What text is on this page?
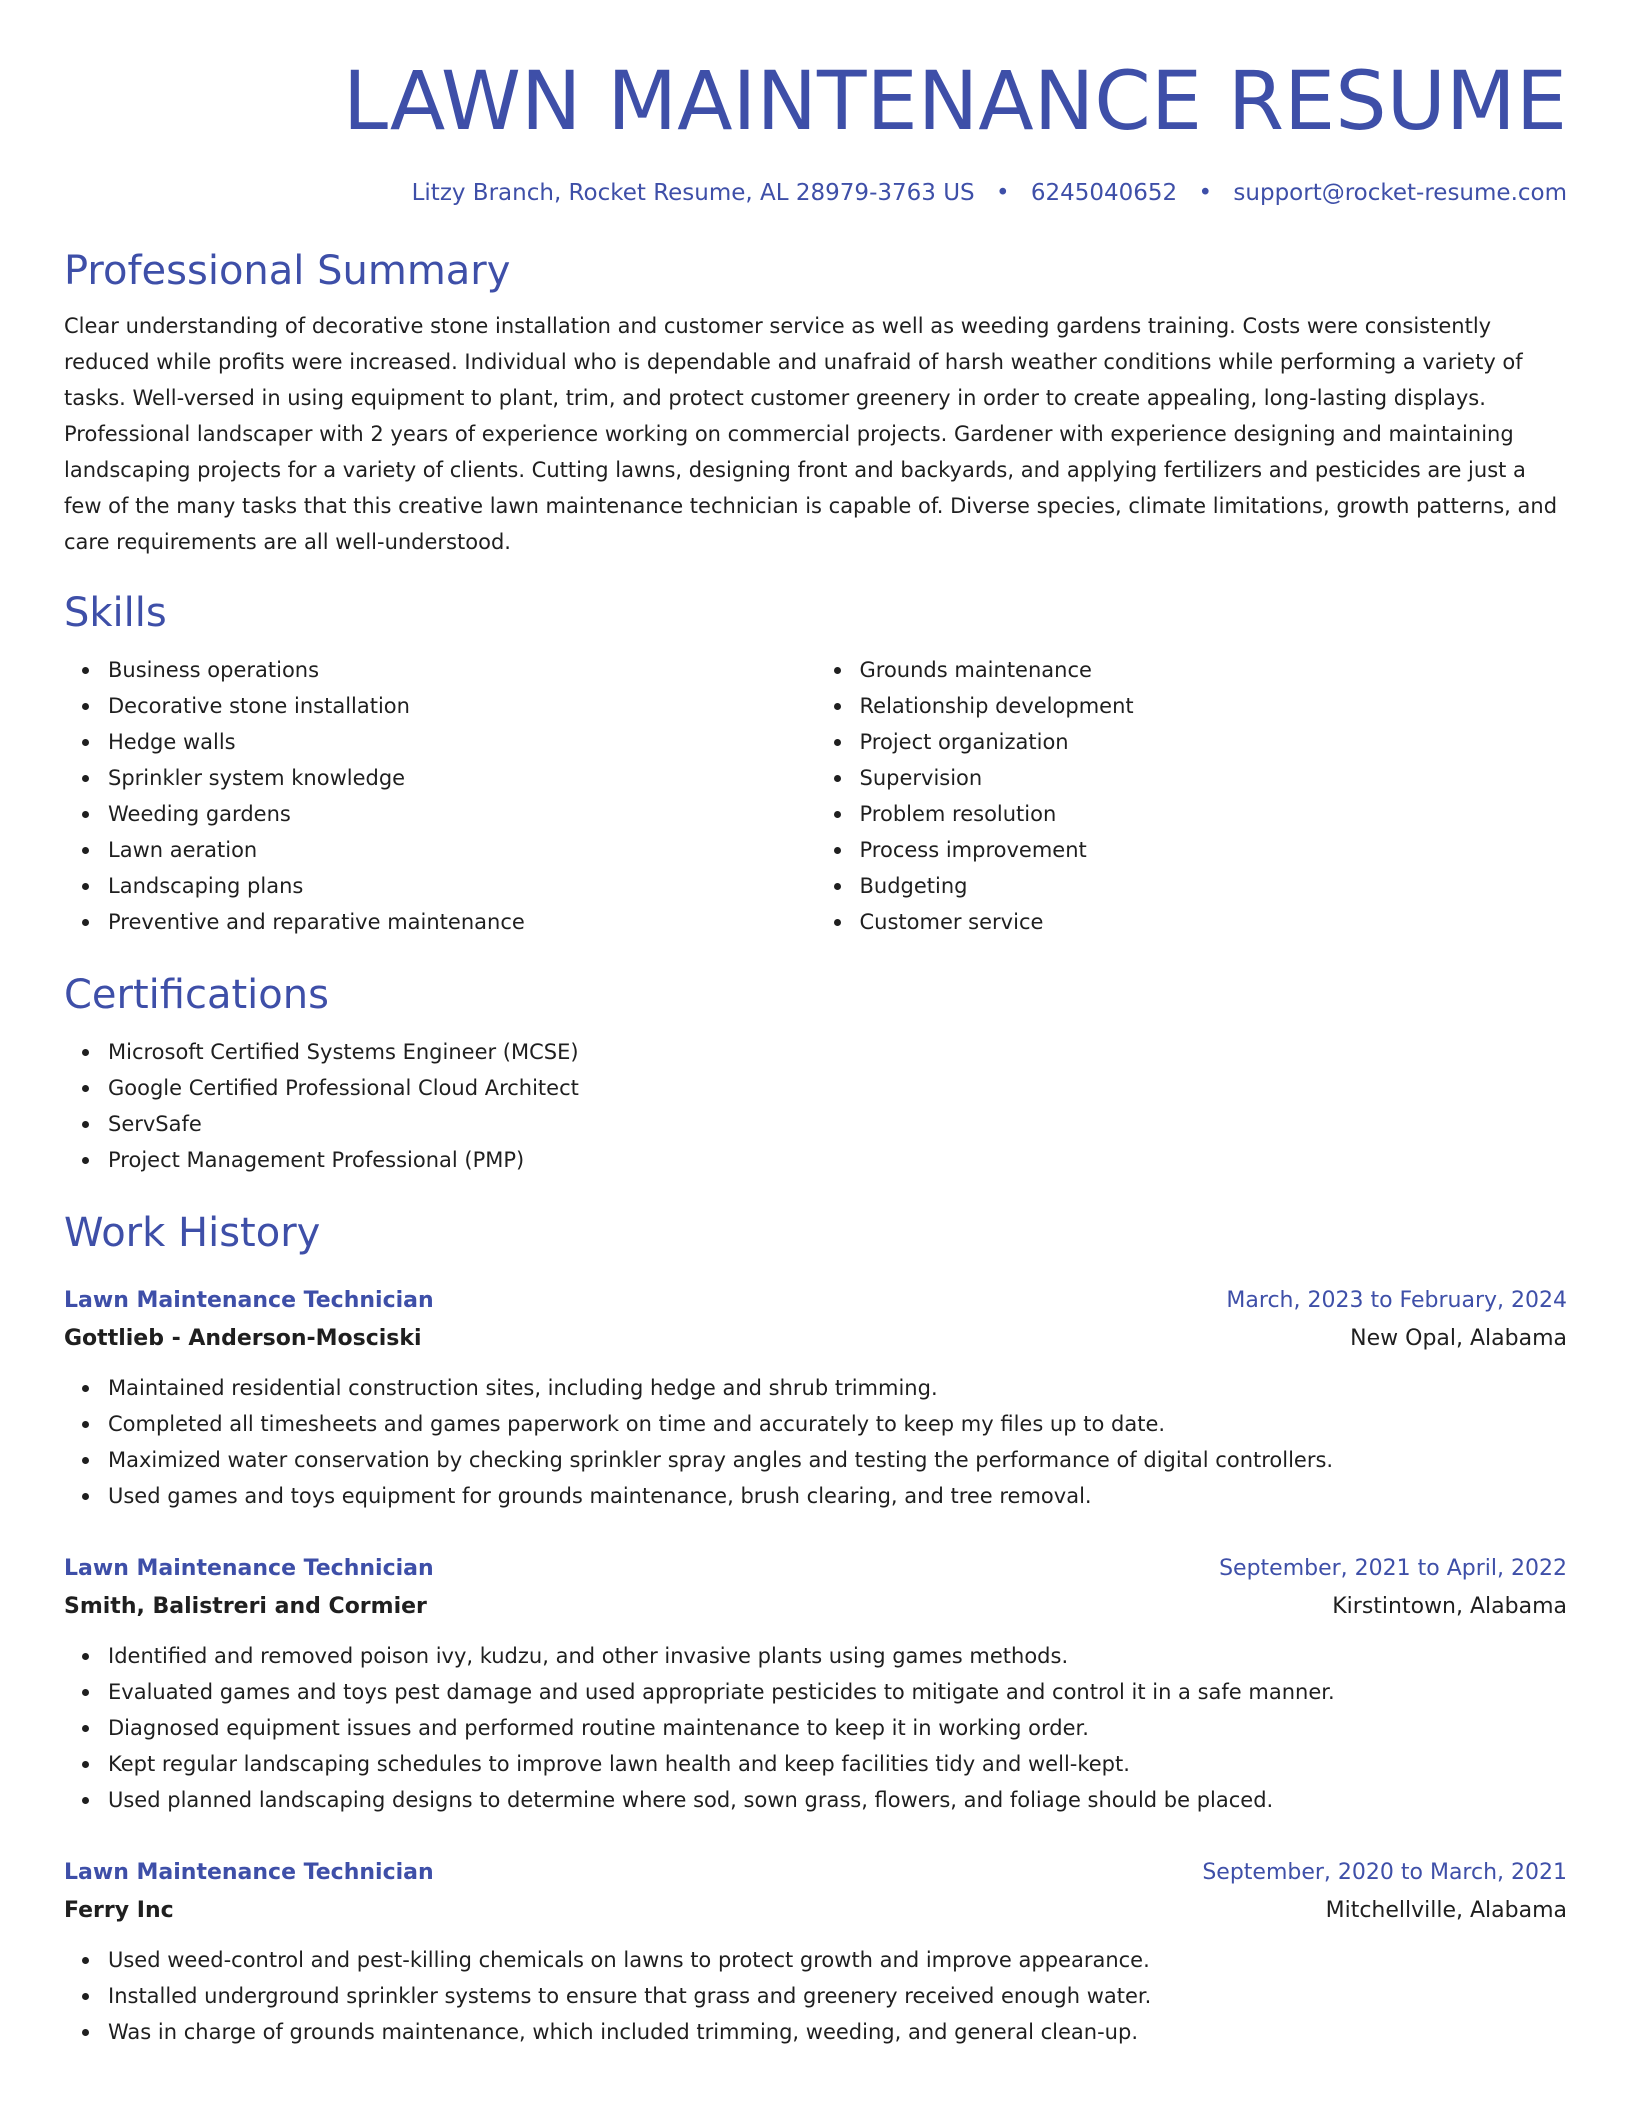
LAWN MAINTENANCE RESUME
Litzy Branch, Rocket Resume, AL 28979-3763 US • 6245040652 • support@rocket-resume.com
Professional Summary

Clear understanding of decorative stone installation and customer service as well as weeding gardens training. Costs were consistently reduced while profits were increased. Individual who is dependable and unafraid of harsh weather conditions while performing a variety of tasks. Well-versed in using equipment to plant, trim, and protect customer greenery in order to create appealing, long-lasting displays. Professional landscaper with 2 years of experience working on commercial projects. Gardener with experience designing and maintaining landscaping projects for a variety of clients. Cutting lawns, designing front and backyards, and applying fertilizers and pesticides are just a few of the many tasks that this creative lawn maintenance technician is capable of. Diverse species, climate limitations, growth patterns, and care requirements are all well-understood.

Skills
Business operations
Decorative stone installation
Hedge walls
Sprinkler system knowledge
Weeding gardens
Lawn aeration
Landscaping plans
Preventive and reparative maintenance
Grounds maintenance
Relationship development
Project organization
Supervision
Problem resolution
Process improvement
Budgeting
Customer service
Certifications
Microsoft Certified Systems Engineer (MCSE)
Google Certified Professional Cloud Architect
ServSafe
Project Management Professional (PMP)
Work History
Lawn Maintenance Technician	March, 2023 to February, 2024
Gottlieb - Anderson-Mosciski	New Opal, Alabama
Maintained residential construction sites, including hedge and shrub trimming.
Completed all timesheets and games paperwork on time and accurately to keep my files up to date.
Maximized water conservation by checking sprinkler spray angles and testing the performance of digital controllers.
Used games and toys equipment for grounds maintenance, brush clearing, and tree removal.
Lawn Maintenance Technician	September, 2021 to April, 2022
Smith, Balistreri and Cormier	Kirstintown, Alabama
Identified and removed poison ivy, kudzu, and other invasive plants using games methods.
Evaluated games and toys pest damage and used appropriate pesticides to mitigate and control it in a safe manner.
Diagnosed equipment issues and performed routine maintenance to keep it in working order.
Kept regular landscaping schedules to improve lawn health and keep facilities tidy and well-kept.
Used planned landscaping designs to determine where sod, sown grass, flowers, and foliage should be placed.
Lawn Maintenance Technician	September, 2020 to March, 2021
Ferry Inc	Mitchellville, Alabama
Used weed-control and pest-killing chemicals on lawns to protect growth and improve appearance.
Installed underground sprinkler systems to ensure that grass and greenery received enough water.
Was in charge of grounds maintenance, which included trimming, weeding, and general clean-up.
